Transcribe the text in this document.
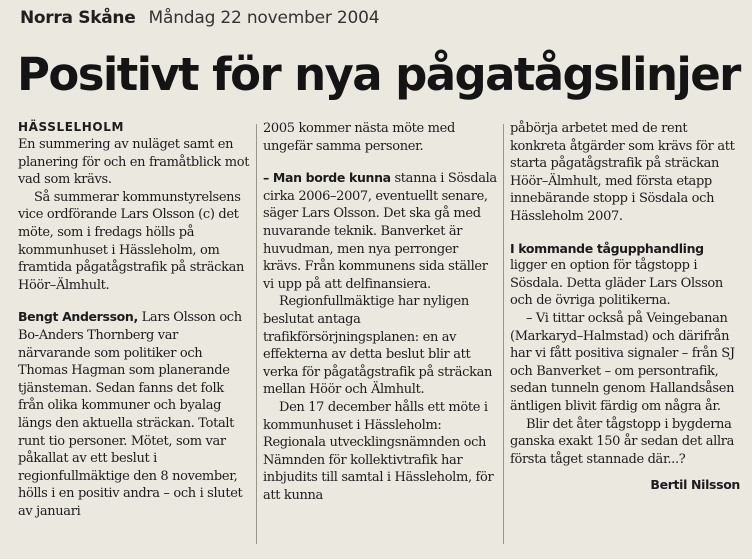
Norra Skåne Måndag 22 november 2004
Positivt för nya pågatågslinjer

HÄSSLELHOLM

En summering av nuläget samt en planering för och en framåtblick mot vad som krävs.

Så summerar kommunstyrelsens vice ordförande Lars Olsson (c) det möte, som i fredags hölls på kommunhuset i Hässleholm, om framtida pågatågstrafik på sträckan Höör–Älmhult.

Bengt Andersson, Lars Olsson och Bo-Anders Thornberg var närvarande som politiker och Thomas Hagman som planerande tjänsteman. Sedan fanns det folk från olika kommuner och byalag längs den aktuella sträckan. Totalt runt tio personer. Mötet, som var påkallat av ett beslut i regionfullmäktige den 8 november, hölls i en positiv andra – och i slutet av januari

2005 kommer nästa möte med ungefär samma personer.

– Man borde kunna stanna i Sösdala cirka 2006–2007, eventuellt senare, säger Lars Olsson. Det ska gå med nuvarande teknik. Banverket är huvudman, men nya perronger krävs. Från kommunens sida ställer vi upp på att delfinansiera.

Regionfullmäktige har nyligen beslutat antaga trafikförsörjningsplanen: en av effekterna av detta beslut blir att verka för pågatågstrafik på sträckan mellan Höör och Älmhult.

Den 17 december hålls ett möte i kommunhuset i Hässleholm: Regionala utvecklingsnämnden och Nämnden för kollektivtrafik har inbjudits till samtal i Hässleholm, för att kunna

påbörja arbetet med de rent konkreta åtgärder som krävs för att starta pågatågstrafik på sträckan Höör–Älmhult, med första etapp innebärande stopp i Sösdala och Hässleholm 2007.

I kommande tågupphandling
ligger en option för tågstopp i Sösdala. Detta gläder Lars Olsson och de övriga politikerna.

– Vi tittar också på Veingebanan (Markaryd–Halmstad) och därifrån har vi fått positiva signaler – från SJ och Banverket – om persontrafik, sedan tunneln genom Hallandsåsen äntligen blivit färdig om några år.

Blir det åter tågstopp i bygderna ganska exakt 150 år sedan det allra första tåget stannade där...?

Bertil Nilsson
